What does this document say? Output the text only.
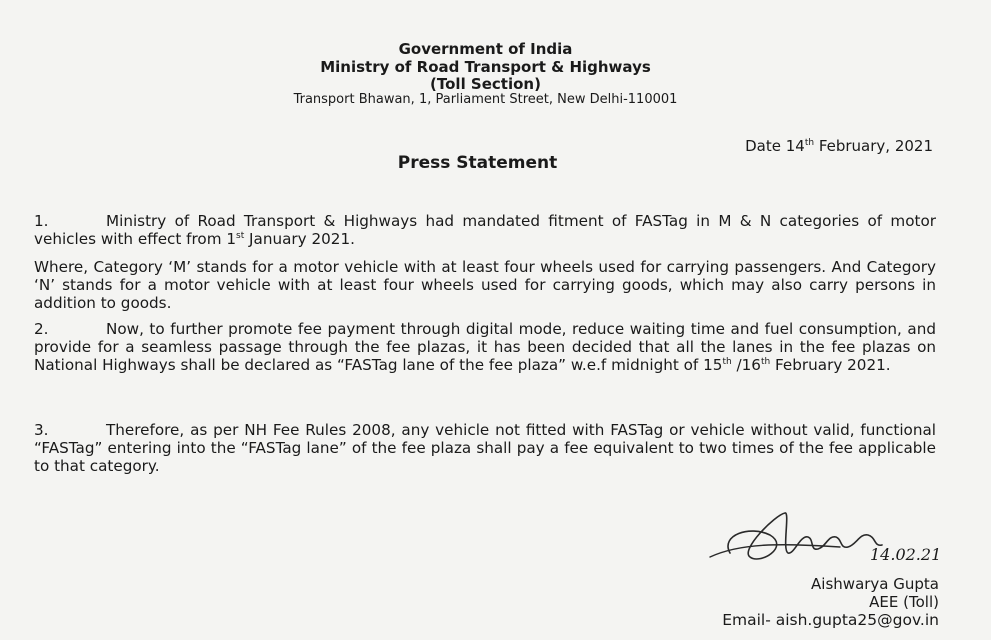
Government of India
Ministry of Road Transport & Highways
(Toll Section)
Transport Bhawan, 1, Parliament Street, New Delhi-110001
Date 14th February, 2021
Press Statement
1.	Ministry of Road Transport & Highways had mandated fitment of FASTag in M & N categories of motor vehicles with effect from 1st January 2021.
Where, Category ‘M’ stands for a motor vehicle with at least four wheels used for carrying passengers. And Category ‘N’ stands for a motor vehicle with at least four wheels used for carrying goods, which may also carry persons in addition to goods.
2.	Now, to further promote fee payment through digital mode, reduce waiting time and fuel consumption, and provide for a seamless passage through the fee plazas, it has been decided that all the lanes in the fee plazas on National Highways shall be declared as “FASTag lane of the fee plaza” w.e.f midnight of 15th /16th February 2021.
3.	Therefore, as per NH Fee Rules 2008, any vehicle not fitted with FASTag or vehicle without valid, functional “FASTag” entering into the “FASTag lane” of the fee plaza shall pay a fee equivalent to two times of the fee applicable to that category.
14.02.21
Aishwarya Gupta
AEE (Toll)
Email- aish.gupta25@gov.in
